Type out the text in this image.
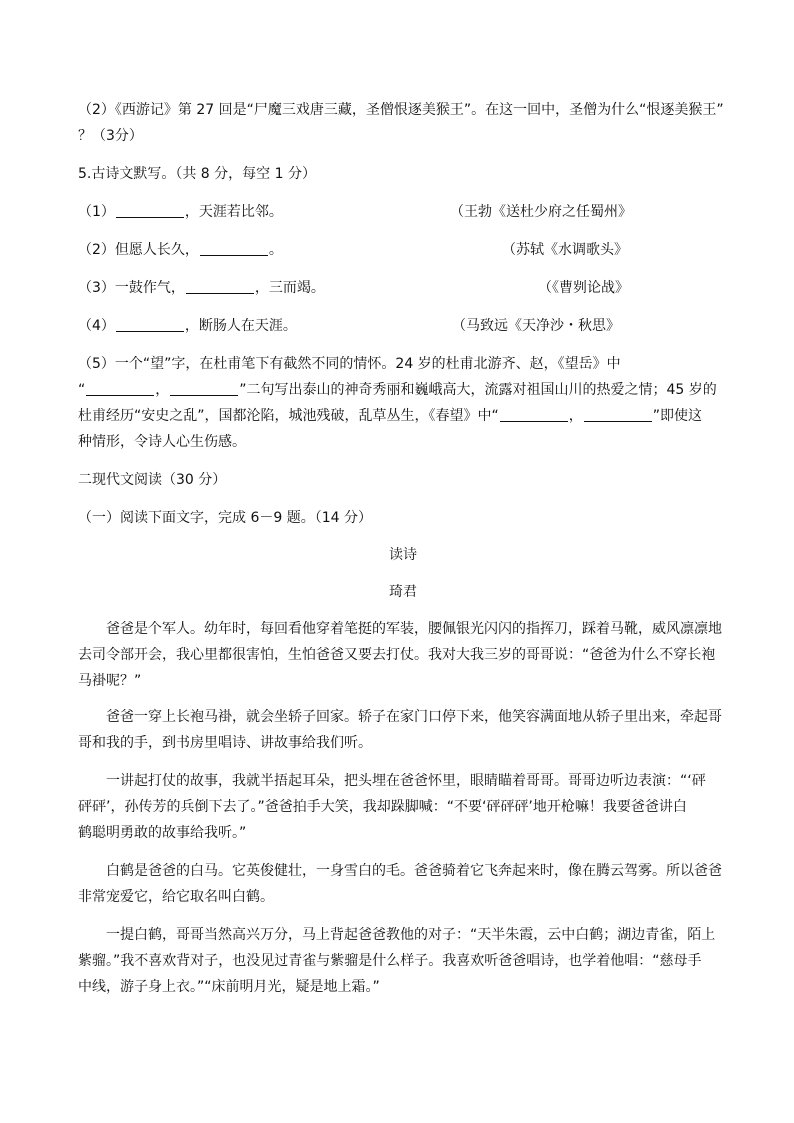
（2）《西游记》第 27 回是“尸魔三戏唐三藏，圣僧恨逐美猴王”。在这一回中，圣僧为什么“恨逐美猴王”
？（3分）
5.古诗文默写。（共 8 分，每空 1 分）
（1）	，天涯若比邻。	（王勃《送杜少府之任蜀州》
（2）但愿人长久，	。	（苏轼《水调歌头》
（3）一鼓作气，	，三而竭。	（《曹刿论战》
（4）	，断肠人在天涯。	（马致远《天净沙・秋思》
（5）一个“望”字，在杜甫笔下有截然不同的情怀。24 岁的杜甫北游齐、赵，《望岳》中
“	，	”二句写出泰山的神奇秀丽和巍峨高大，流露对祖国山川的热爱之情；45 岁的
杜甫经历“安史之乱”，国都沦陷，城池残破，乱草丛生，《春望》中“	，	”即使这
种情形，令诗人心生伤感。
二现代文阅读（30 分）
（一）阅读下面文字，完成 6－9 题。（14 分）
读诗
琦君
爸爸是个军人。幼年时，每回看他穿着笔挺的军装，腰佩银光闪闪的指挥刀，踩着马靴，威风凛凛地
去司令部开会，我心里都很害怕，生怕爸爸又要去打仗。我对大我三岁的哥哥说：“爸爸为什么不穿长袍
马褂呢？”
爸爸一穿上长袍马褂，就会坐轿子回家。轿子在家门口停下来，他笑容满面地从轿子里出来，牵起哥
哥和我的手，到书房里唱诗、讲故事给我们听。
一讲起打仗的故事，我就半捂起耳朵，把头埋在爸爸怀里，眼睛瞄着哥哥。哥哥边听边表演：“‘砰
砰砰’，孙传芳的兵倒下去了。”爸爸拍手大笑，我却跺脚喊：“不要‘砰砰砰’地开枪嘛！我要爸爸讲白
鹤聪明勇敢的故事给我听。”
白鹤是爸爸的白马。它英俊健壮，一身雪白的毛。爸爸骑着它飞奔起来时，像在腾云驾雾。所以爸爸
非常宠爱它，给它取名叫白鹤。
一提白鹤，哥哥当然高兴万分，马上背起爸爸教他的对子：“天半朱霞，云中白鹤；湖边青雀，陌上
紫骝。”我不喜欢背对子，也没见过青雀与紫骝是什么样子。我喜欢听爸爸唱诗，也学着他唱：“慈母手
中线，游子身上衣。”“床前明月光，疑是地上霜。”
